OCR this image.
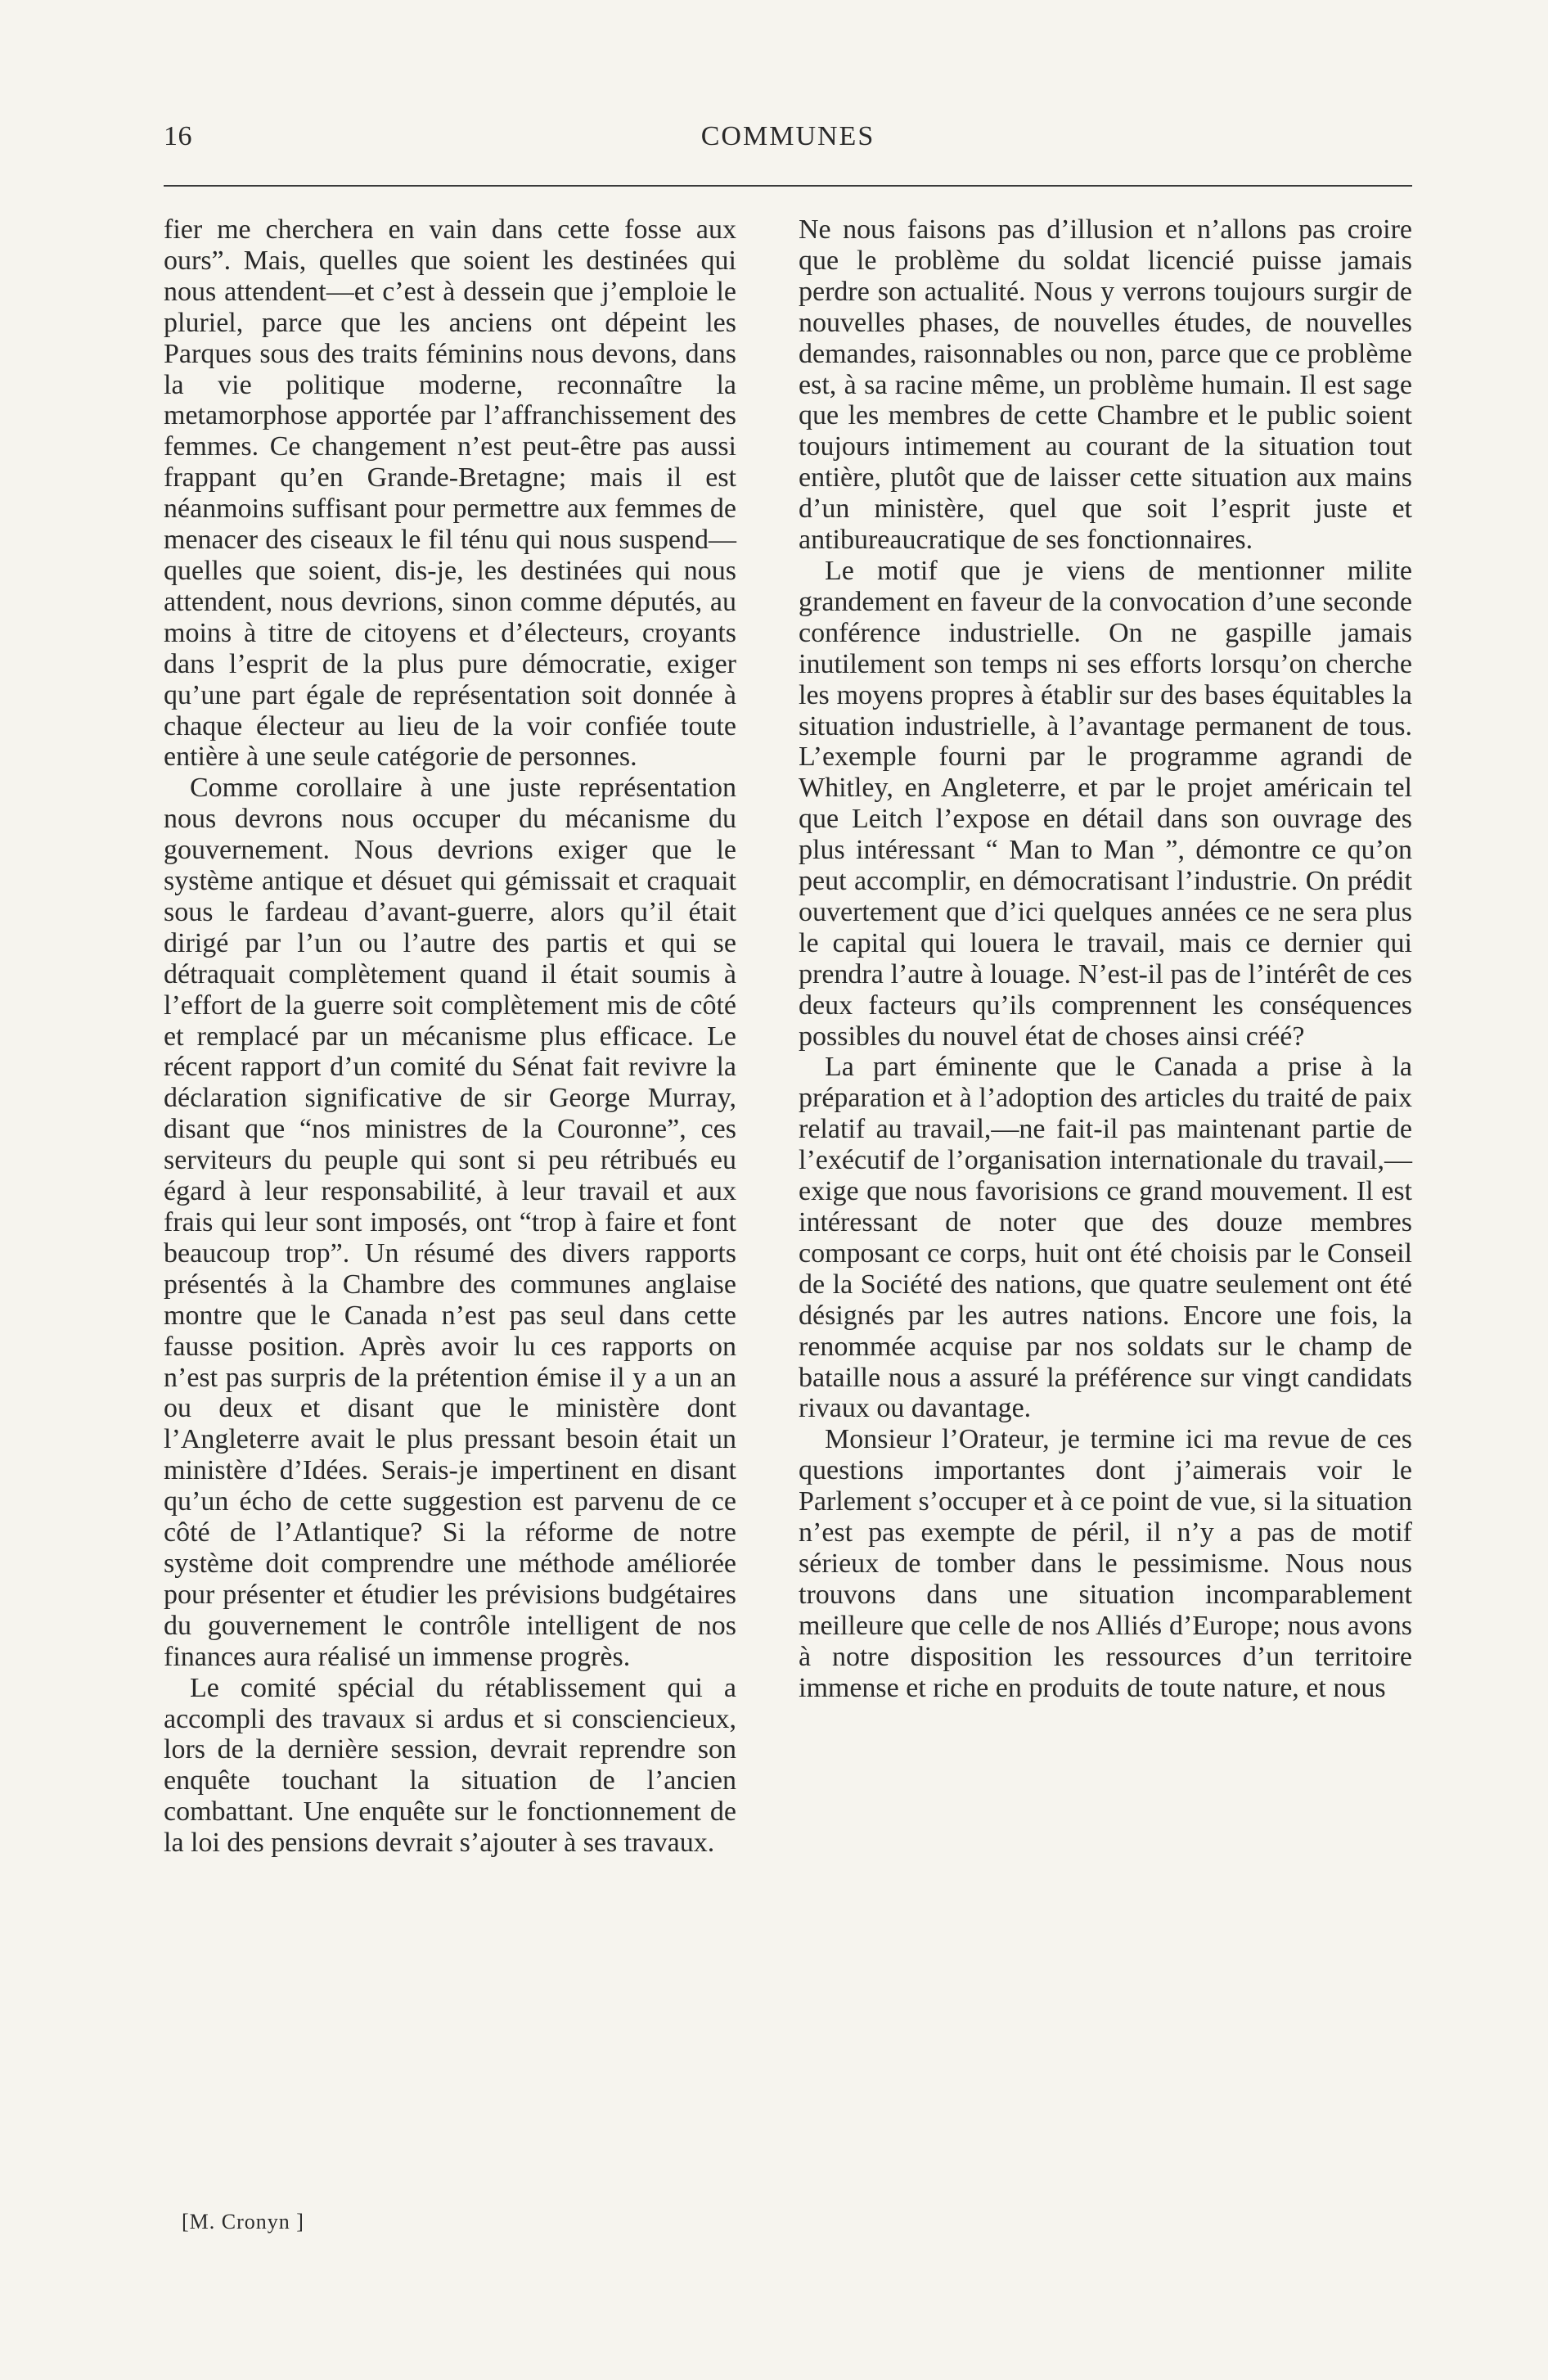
16	COMMUNES

fier me cherchera en vain dans cette fosse aux ours”. Mais, quelles que soient les destinées qui nous attendent—et c’est à dessein que j’emploie le pluriel, parce que les anciens ont dépeint les Parques sous des traits féminins nous devons, dans la vie politique moderne, reconnaître la metamorphose apportée par l’affranchissement des femmes. Ce changement n’est peut-être pas aussi frappant qu’en Grande-Bretagne; mais il est néanmoins suffisant pour permettre aux femmes de menacer des ciseaux le fil ténu qui nous suspend—quelles que soient, dis-je, les destinées qui nous attendent, nous devrions, sinon comme députés, au moins à titre de citoyens et d’électeurs, croyants dans l’esprit de la plus pure démocratie, exiger qu’une part égale de représentation soit donnée à chaque électeur au lieu de la voir confiée toute entière à une seule catégorie de personnes.

Comme corollaire à une juste représentation nous devrons nous occuper du mécanisme du gouvernement. Nous devrions exiger que le système antique et désuet qui gémissait et craquait sous le fardeau d’avant-guerre, alors qu’il était dirigé par l’un ou l’autre des partis et qui se détraquait complètement quand il était soumis à l’effort de la guerre soit complètement mis de côté et remplacé par un mécanisme plus efficace. Le récent rapport d’un comité du Sénat fait revivre la déclaration significative de sir George Murray, disant que “nos ministres de la Couronne”, ces serviteurs du peuple qui sont si peu rétribués eu égard à leur responsabilité, à leur travail et aux frais qui leur sont imposés, ont “trop à faire et font beaucoup trop”. Un résumé des divers rapports présentés à la Chambre des communes anglaise montre que le Canada n’est pas seul dans cette fausse position. Après avoir lu ces rapports on n’est pas surpris de la prétention émise il y a un an ou deux et disant que le ministère dont l’Angleterre avait le plus pressant besoin était un ministère d’Idées. Serais-je impertinent en disant qu’un écho de cette suggestion est parvenu de ce côté de l’Atlantique? Si la réforme de notre système doit comprendre une méthode améliorée pour présenter et étudier les prévisions budgétaires du gouvernement le contrôle intelligent de nos finances aura réalisé un immense progrès.

Le comité spécial du rétablissement qui a accompli des travaux si ardus et si consciencieux, lors de la dernière session, devrait reprendre son enquête touchant la situation de l’ancien combattant. Une enquête sur le fonctionnement de la loi des pensions devrait s’ajouter à ses travaux.

Ne nous faisons pas d’illusion et n’allons pas croire que le problème du soldat licencié puisse jamais perdre son actualité. Nous y verrons toujours surgir de nouvelles phases, de nouvelles études, de nouvelles demandes, raisonnables ou non, parce que ce problème est, à sa racine même, un problème humain. Il est sage que les membres de cette Chambre et le public soient toujours intimement au courant de la situation tout entière, plutôt que de laisser cette situation aux mains d’un ministère, quel que soit l’esprit juste et antibureaucratique de ses fonctionnaires.

Le motif que je viens de mentionner milite grandement en faveur de la convocation d’une seconde conférence industrielle. On ne gaspille jamais inutilement son temps ni ses efforts lorsqu’on cherche les moyens propres à établir sur des bases équitables la situation industrielle, à l’avantage permanent de tous. L’exemple fourni par le programme agrandi de Whitley, en Angleterre, et par le projet américain tel que Leitch l’expose en détail dans son ouvrage des plus intéressant “ Man to Man ”, démontre ce qu’on peut accomplir, en démocratisant l’industrie. On prédit ouvertement que d’ici quelques années ce ne sera plus le capital qui louera le travail, mais ce dernier qui prendra l’autre à louage. N’est-il pas de l’intérêt de ces deux facteurs qu’ils comprennent les conséquences possibles du nouvel état de choses ainsi créé?

La part éminente que le Canada a prise à la préparation et à l’adoption des articles du traité de paix relatif au travail,—ne fait-il pas maintenant partie de l’exécutif de l’organisation internationale du travail,—exige que nous favorisions ce grand mouvement. Il est intéressant de noter que des douze membres composant ce corps, huit ont été choisis par le Conseil de la Société des nations, que quatre seulement ont été désignés par les autres nations. Encore une fois, la renommée acquise par nos soldats sur le champ de bataille nous a assuré la préférence sur vingt candidats rivaux ou davantage.

Monsieur l’Orateur, je termine ici ma revue de ces questions importantes dont j’aimerais voir le Parlement s’occuper et à ce point de vue, si la situation n’est pas exempte de péril, il n’y a pas de motif sérieux de tomber dans le pessimisme. Nous nous trouvons dans une situation incomparablement meilleure que celle de nos Alliés d’Europe; nous avons à notre disposition les ressources d’un territoire immense et riche en produits de toute nature, et nous

[M. Cronyn ]
